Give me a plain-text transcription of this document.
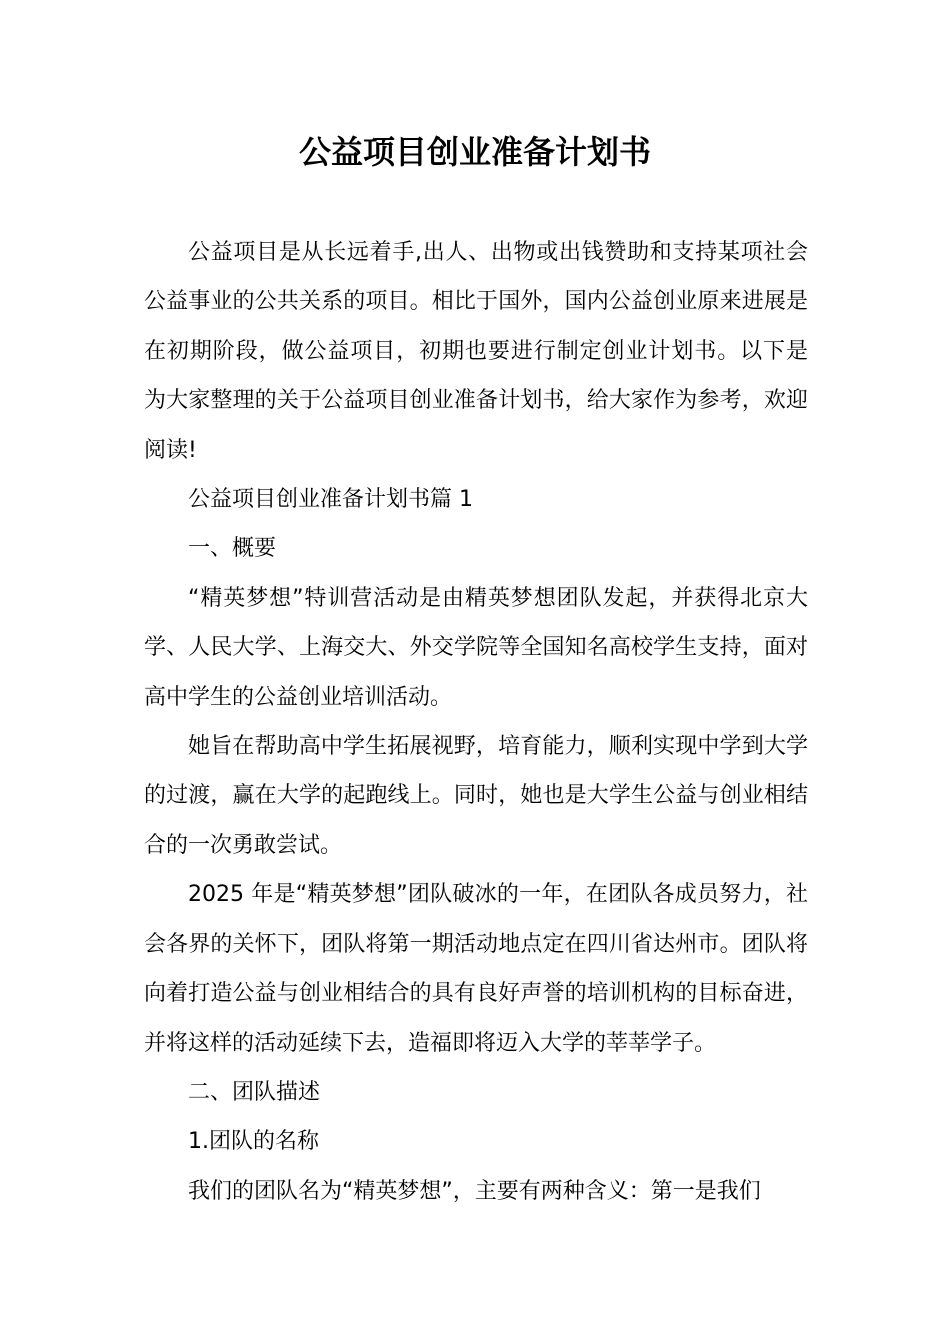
公益项目创业准备计划书

公益项目是从长远着手,出人、出物或出钱赞助和支持某项社会公益事业的公共关系的项目。相比于国外，国内公益创业原来进展是在初期阶段，做公益项目，初期也要进行制定创业计划书。以下是 为大家整理的关于公益项目创业准备计划书，给大家作为参考，欢迎阅读!

公益项目创业准备计划书篇 1

一、概要

“精英梦想”特训营活动是由精英梦想团队发起，并获得北京大学、人民大学、上海交大、外交学院等全国知名高校学生支持，面对高中学生的公益创业培训活动。

她旨在帮助高中学生拓展视野，培育能力，顺利实现中学到大学的过渡，赢在大学的起跑线上。同时，她也是大学生公益与创业相结合的一次勇敢尝试。

2025 年是“精英梦想”团队破冰的一年，在团队各成员努力，社会各界的关怀下，团队将第一期活动地点定在四川省达州市。团队将向着打造公益与创业相结合的具有良好声誉的培训机构的目标奋进，并将这样的活动延续下去，造福即将迈入大学的莘莘学子。

二、团队描述

1.团队的名称

我们的团队名为“精英梦想”，主要有两种含义：第一是我们
